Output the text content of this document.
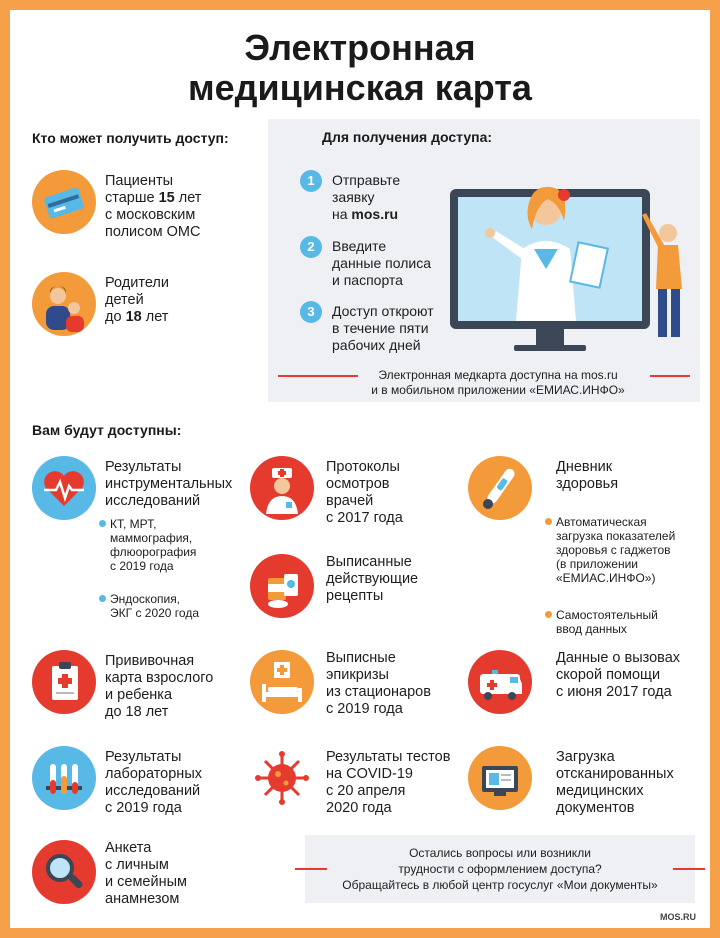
Электронная
медицинская карта
Кто может получить доступ:
Пациенты
старше 15 лет
с московским
полисом ОМС
Родители
детей
до 18 лет
Для получения доступа:
1	Отправьте
заявку
на mos.ru
2	Введите
данные полиса
и паспорта
3	Доступ откроют
в течение пяти
рабочих дней
Электронная медкарта доступна на mos.ru
и в мобильном приложении «ЕМИАС.ИНФО»
Вам будут доступны:
Результаты
инструментальных
исследований
КТ, МРТ,
маммография,
флюорография
с 2019 года
Эндоскопия,
ЭКГ с 2020 года
Прививочная
карта взрослого
и ребенка
до 18 лет
Результаты
лабораторных
исследований
с 2019 года
Анкета
с личным
и семейным
анамнезом
Протоколы
осмотров
врачей
с 2017 года
Выписанные
действующие
рецепты
Выписные
эпикризы
из стационаров
с 2019 года
Результаты тестов
на COVID-19
с 20 апреля
2020 года
Дневник
здоровья
Автоматическая
загрузка показателей
здоровья с гаджетов
(в приложении
«ЕМИАС.ИНФО»)
Самостоятельный
ввод данных
Данные о вызовах
скорой помощи
с июня 2017 года
Загрузка
отсканированных
медицинских
документов
Остались вопросы или возникли
трудности с оформлением доступа?
Обращайтесь в любой центр госуслуг «Мои документы»
MOS.RU
